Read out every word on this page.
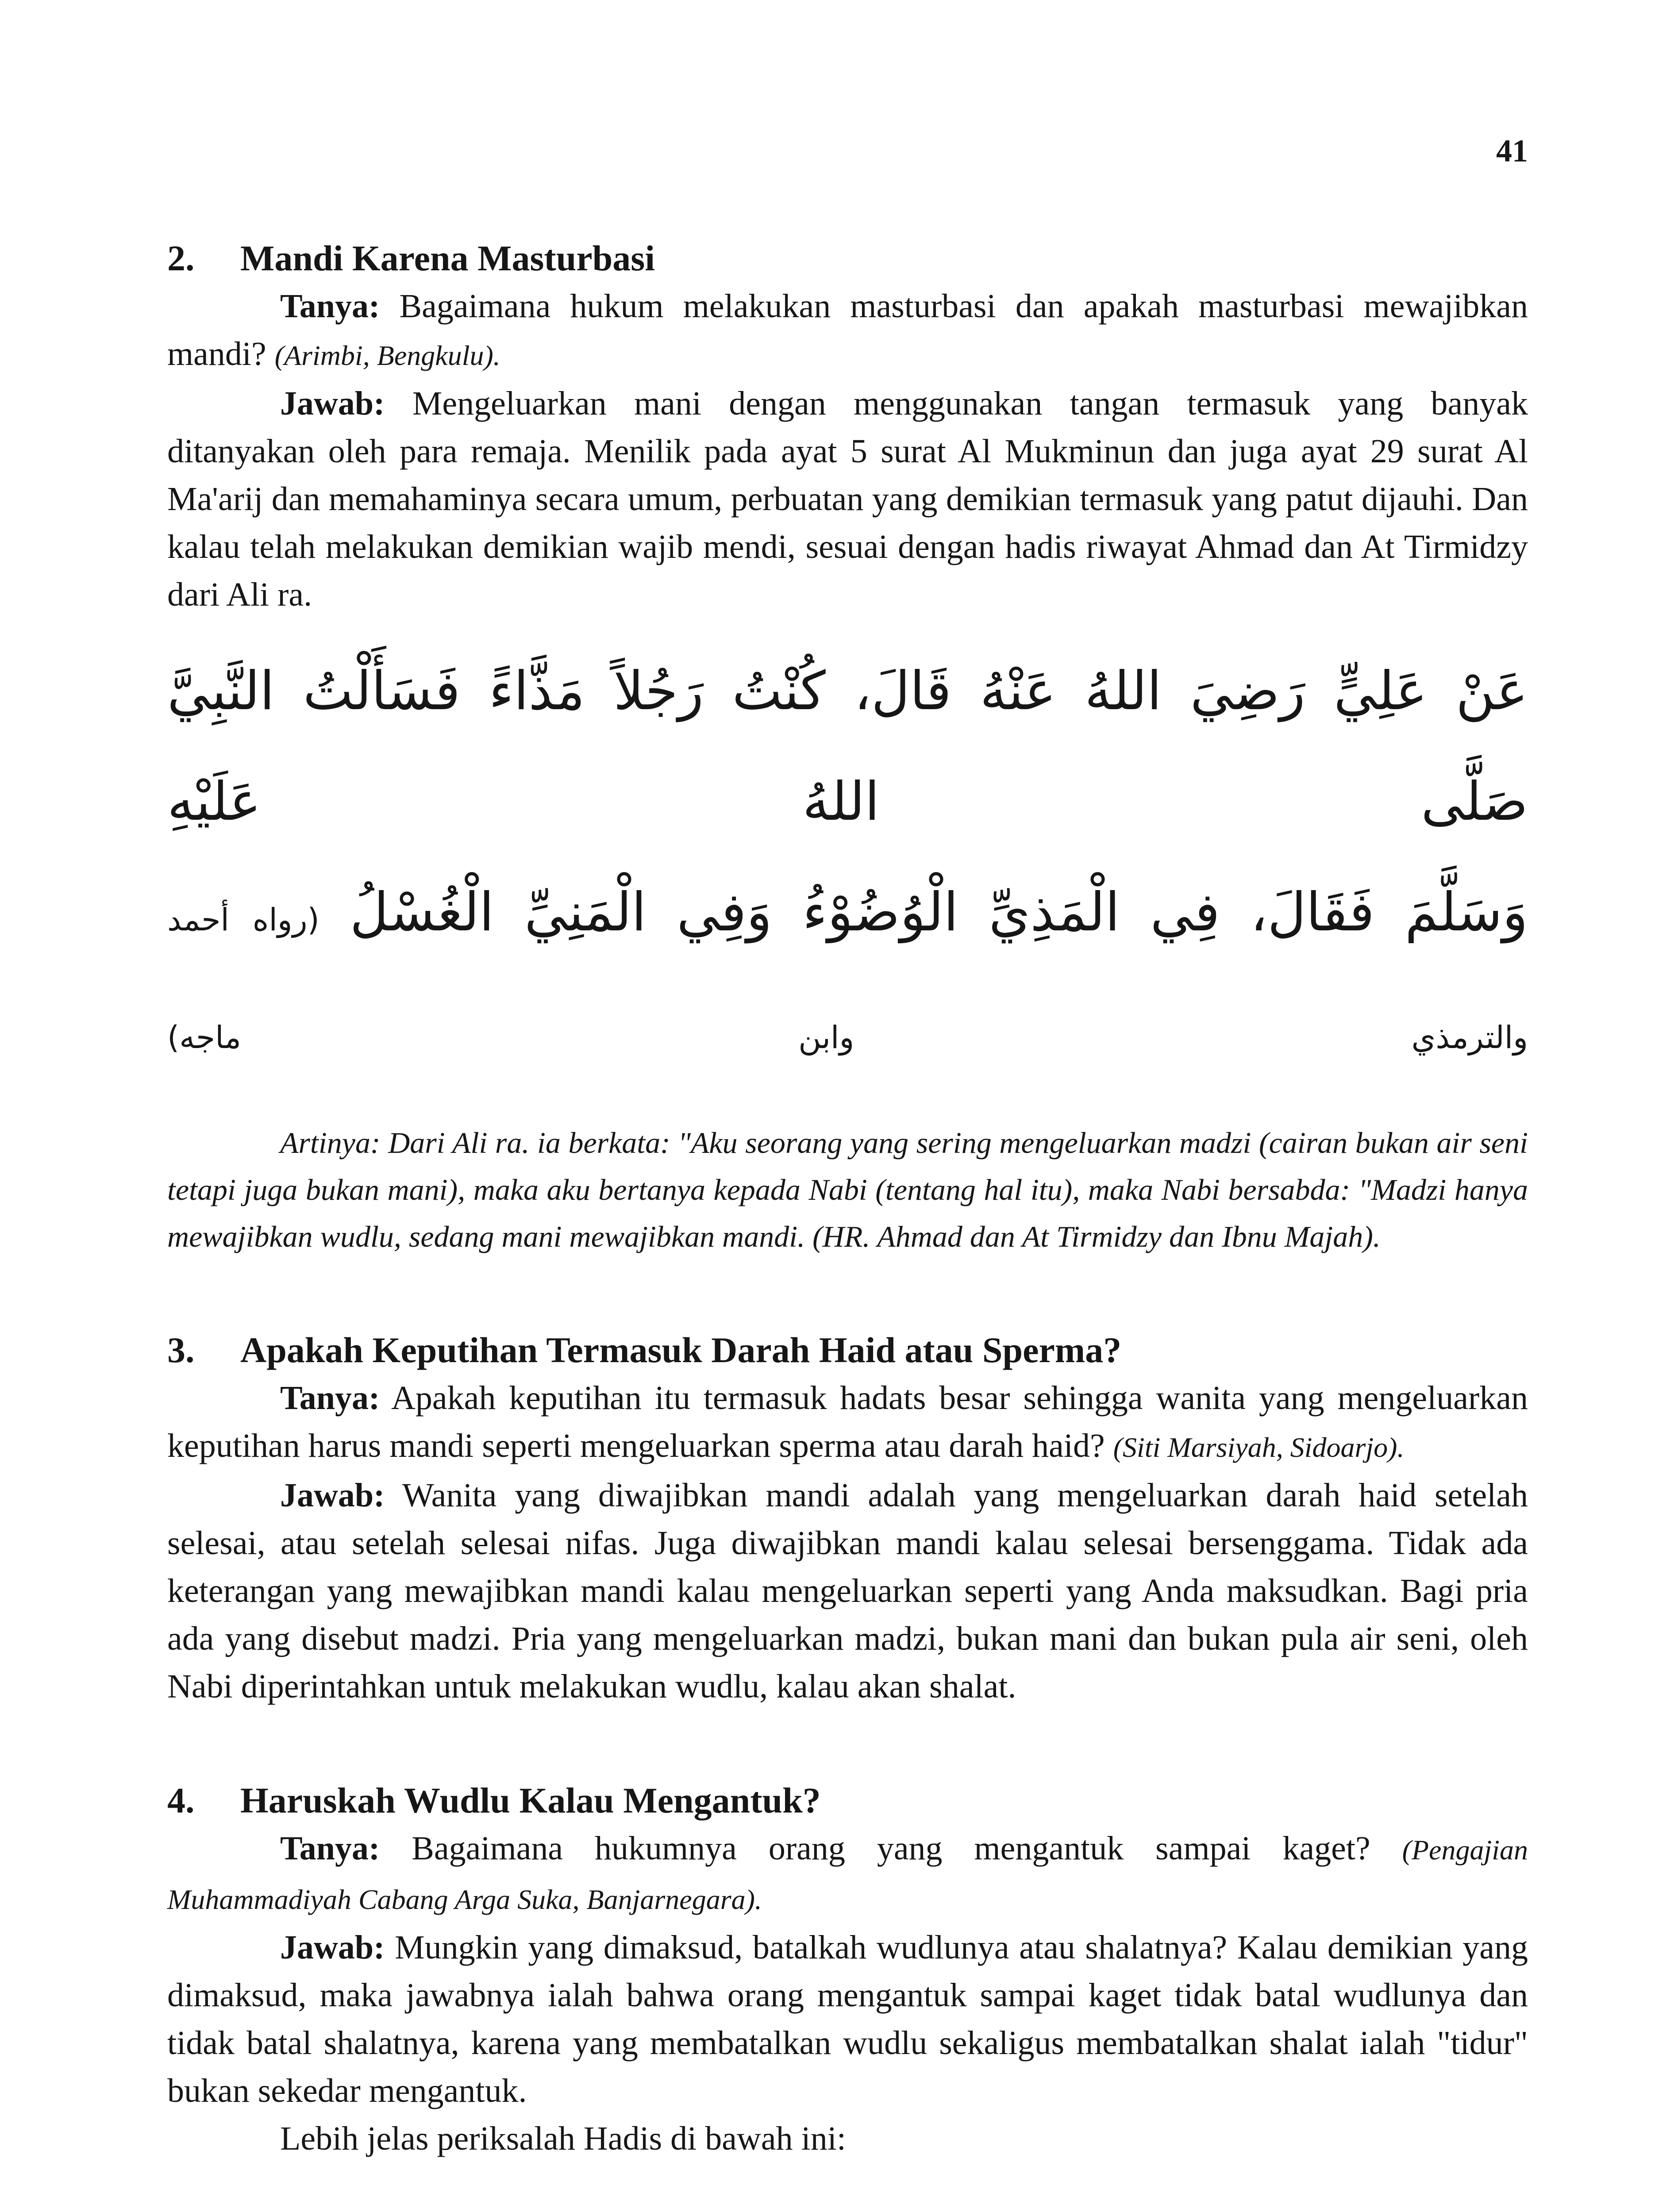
41
2.	Mandi Karena Masturbasi

Tanya: Bagaimana hukum melakukan masturbasi dan apakah masturbasi mewajibkan mandi? (Arimbi, Bengkulu).

Jawab: Mengeluarkan mani dengan menggunakan tangan termasuk yang banyak ditanyakan oleh para remaja. Menilik pada ayat 5 surat Al Mukminun dan juga ayat 29 surat Al Ma'arij dan memahaminya secara umum, perbuatan yang demikian termasuk yang patut dijauhi. Dan kalau telah melakukan demikian wajib mendi, sesuai dengan hadis riwayat Ahmad dan At Tirmidzy dari Ali ra.

عَنْ عَلِيٍّ رَضِيَ اللهُ عَنْهُ قَالَ، كُنْتُ رَجُلاً مَذَّاءً فَسَأَلْتُ النَّبِيَّ صَلَّى اللهُ عَلَيْهِ
وَسَلَّمَ فَقَالَ، فِي الْمَذِيِّ الْوُضُوْءُ وَفِي الْمَنِيِّ الْغُسْلُ (رواه أحمد والترمذي وابن ماجه)

Artinya: Dari Ali ra. ia berkata: "Aku seorang yang sering mengeluarkan madzi (cairan bukan air seni tetapi juga bukan mani), maka aku bertanya kepada Nabi (tentang hal itu), maka Nabi bersabda: "Madzi hanya mewajibkan wudlu, sedang mani mewajibkan mandi. (HR. Ahmad dan At Tirmidzy dan Ibnu Majah).

3.	Apakah Keputihan Termasuk Darah Haid atau Sperma?

Tanya: Apakah keputihan itu termasuk hadats besar sehingga wanita yang mengeluarkan keputihan harus mandi seperti mengeluarkan sperma atau darah haid? (Siti Marsiyah, Sidoarjo).

Jawab: Wanita yang diwajibkan mandi adalah yang mengeluarkan darah haid setelah selesai, atau setelah selesai nifas. Juga diwajibkan mandi kalau selesai bersenggama. Tidak ada keterangan yang mewajibkan mandi kalau mengeluarkan seperti yang Anda maksudkan. Bagi pria ada yang disebut madzi. Pria yang mengeluarkan madzi, bukan mani dan bukan pula air seni, oleh Nabi diperintahkan untuk melakukan wudlu, kalau akan shalat.

4.	Haruskah Wudlu Kalau Mengantuk?

Tanya: Bagaimana hukumnya orang yang mengantuk sampai kaget? (Pengajian Muhammadiyah Cabang Arga Suka, Banjarnegara).

Jawab: Mungkin yang dimaksud, batalkah wudlunya atau shalatnya? Kalau demikian yang dimaksud, maka jawabnya ialah bahwa orang mengantuk sampai kaget tidak batal wudlunya dan tidak batal shalatnya, karena yang membatalkan wudlu sekaligus membatalkan shalat ialah "tidur" bukan sekedar mengantuk.

Lebih jelas periksalah Hadis di bawah ini:
